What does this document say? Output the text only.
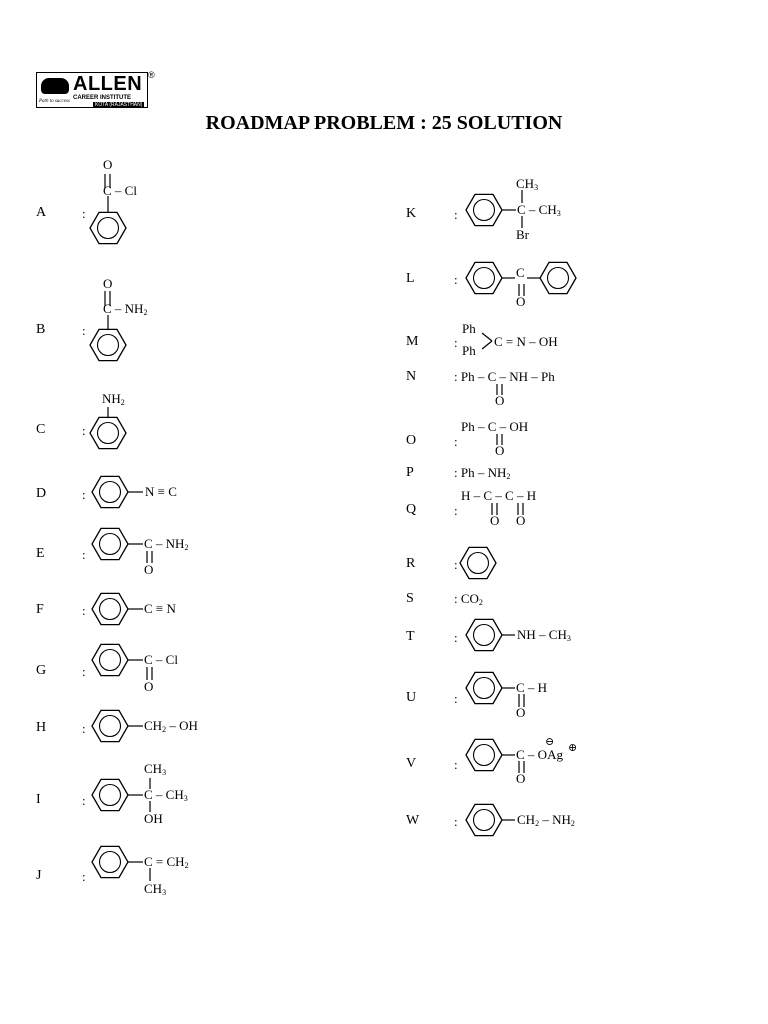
ALLEN
CAREER INSTITUTE
Path to success
KOTA (RAJASTHAN)
®
ROADMAP PROBLEM : 25 SOLUTION
A	:
B	:
C	:
D	:
E	:
F	:
G	:
H	:
I	:
J	:
O
C – Cl
O
C – NH2
NH2
N ≡ C
C – NH2
O
C ≡ N
C – Cl
O
CH2 – OH
CH3
C – CH3
OH
C = CH2
CH3
K	:
L	:
M	:
N
O	:
P
Q	:
R	:
S
T	:
U	:
V	:
W	:
CH3
C – CH3
Br
C
O
Ph
Ph
C = N – OH
: Ph – C – NH – Ph
O
Ph – C – OH
O
: Ph – NH2
H – C – C – H
O O
: CO2
NH – CH3
C – H
O
⊖
C – OAg ⊕
O
CH2 – NH2
